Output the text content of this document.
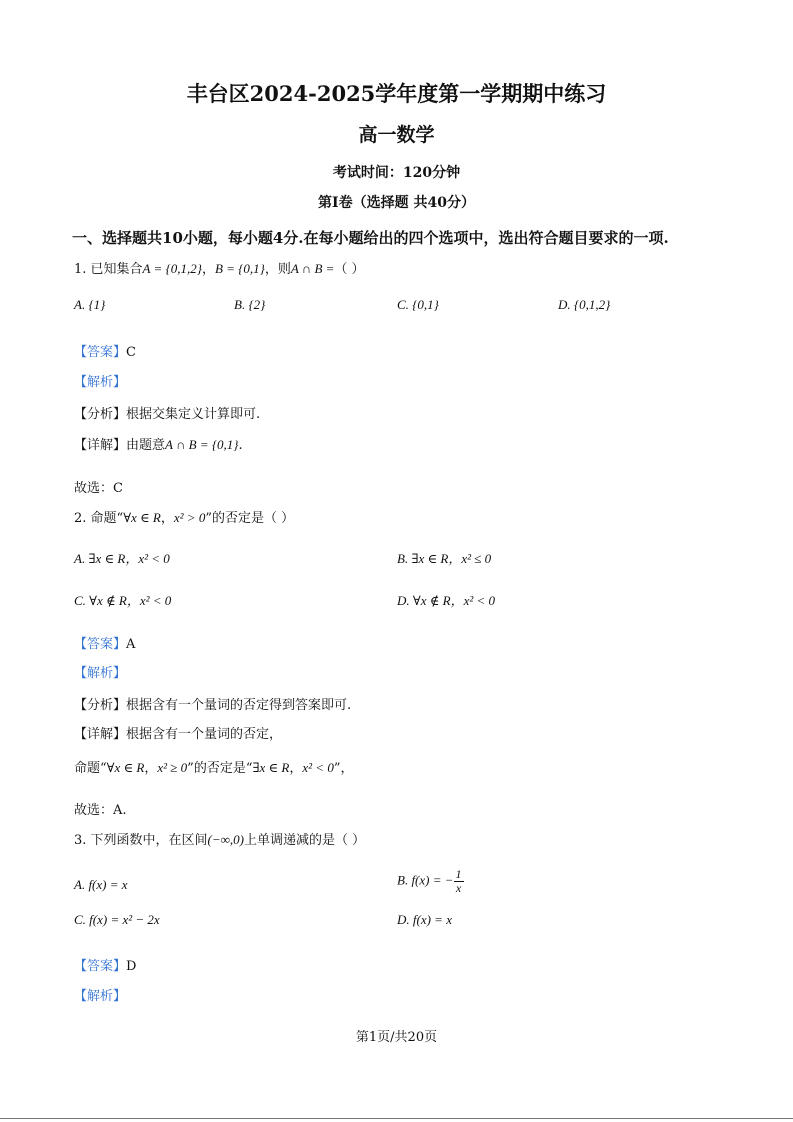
丰台区2024-2025学年度第一学期期中练习
高一数学
考试时间：120分钟
第I卷（选择题 共40分）
一、选择题共10小题，每小题4分.在每小题给出的四个选项中，选出符合题目要求的一项.
1. 已知集合A = {0,1,2}，B = {0,1}，则A ∩ B =（ ）
A. {1}	B. {2}	C. {0,1}	D. {0,1,2}
【答案】C
【解析】
【分析】根据交集定义计算即可.
【详解】由题意A ∩ B = {0,1}.
故选：C
2. 命题“∀x ∈ R，x² > 0”的否定是（ ）
A. ∃x ∈ R，x² < 0	B. ∃x ∈ R，x² ≤ 0
C. ∀x ∉ R，x² < 0	D. ∀x ∉ R，x² < 0
【答案】A
【解析】
【分析】根据含有一个量词的否定得到答案即可.
【详解】根据含有一个量词的否定，
命题“∀x ∈ R，x² ≥ 0”的否定是“∃x ∈ R，x² < 0”，
故选：A.
3. 下列函数中，在区间(−∞,0)上单调递减的是（ ）
A. f(x) = x	B. f(x) = − $\frac{1}{x}$
C. f(x) = x² − 2x	D. f(x) = x
【答案】D
【解析】
第1页/共20页
